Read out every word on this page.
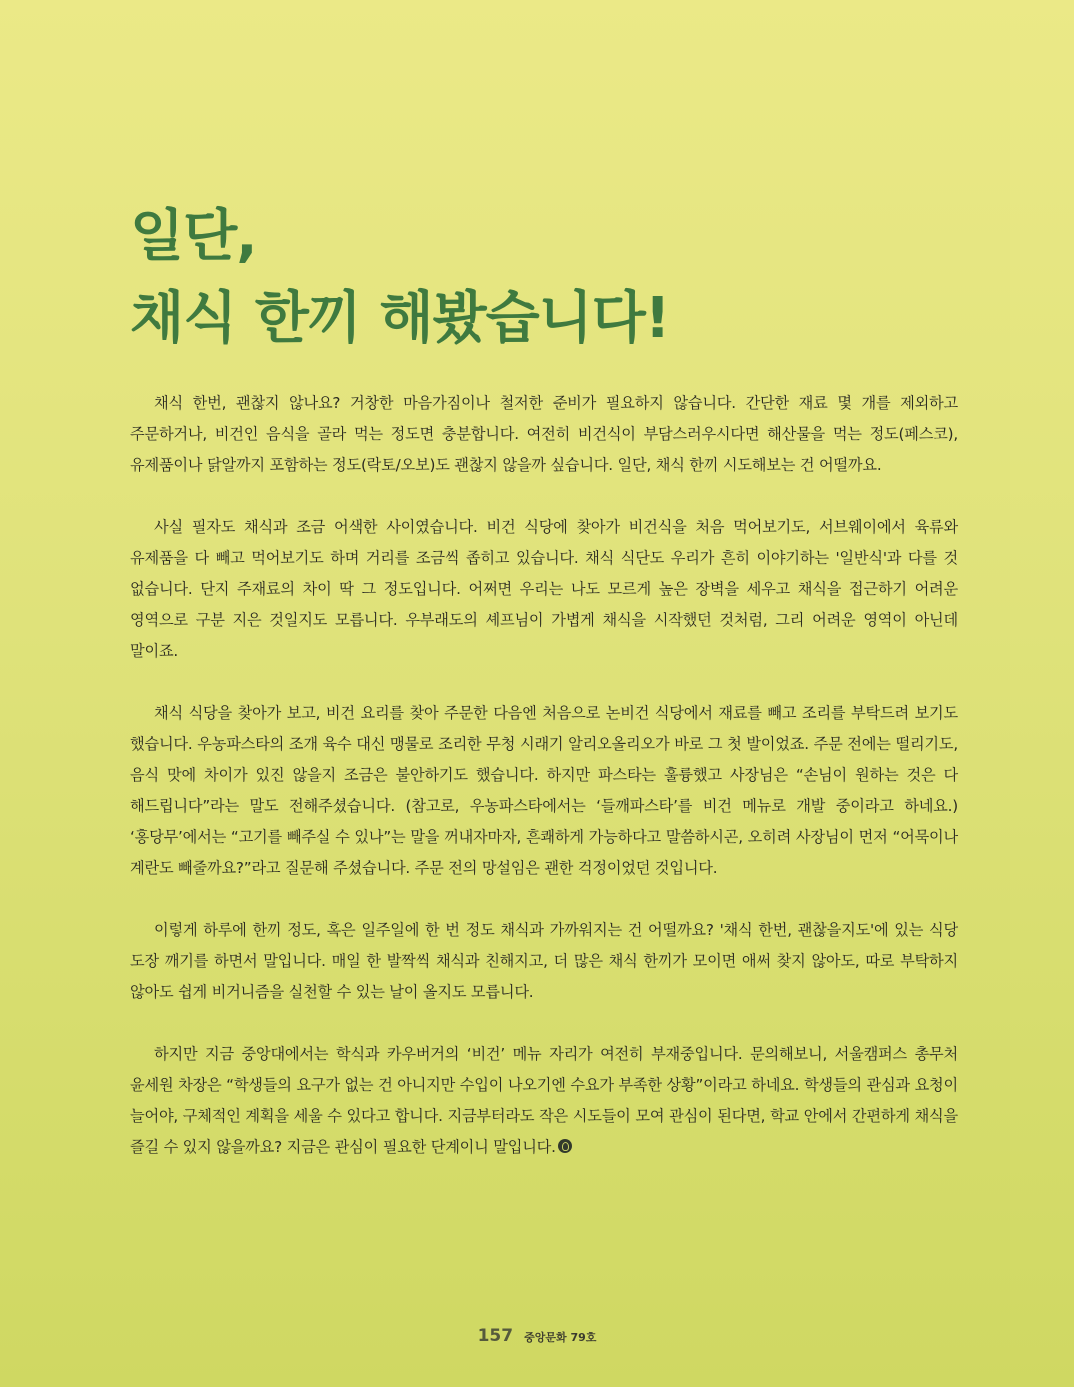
일단,
채식 한끼 해봤습니다!

채식 한번, 괜찮지 않나요? 거창한 마음가짐이나 철저한 준비가 필요하지 않습니다. 간단한 재료 몇 개를 제외하고 주문하거나, 비건인 음식을 골라 먹는 정도면 충분합니다. 여전히 비건식이 부담스러우시다면 해산물을 먹는 정도(페스코), 유제품이나 닭알까지 포함하는 정도(락토/오보)도 괜찮지 않을까 싶습니다. 일단, 채식 한끼 시도해보는 건 어떨까요.

사실 필자도 채식과 조금 어색한 사이였습니다. 비건 식당에 찾아가 비건식을 처음 먹어보기도, 서브웨이에서 육류와 유제품을 다 빼고 먹어보기도 하며 거리를 조금씩 좁히고 있습니다. 채식 식단도 우리가 흔히 이야기하는 '일반식'과 다를 것 없습니다. 단지 주재료의 차이 딱 그 정도입니다. 어쩌면 우리는 나도 모르게 높은 장벽을 세우고 채식을 접근하기 어려운 영역으로 구분 지은 것일지도 모릅니다. 우부래도의 셰프님이 가볍게 채식을 시작했던 것처럼, 그리 어려운 영역이 아닌데 말이죠.

채식 식당을 찾아가 보고, 비건 요리를 찾아 주문한 다음엔 처음으로 논비건 식당에서 재료를 빼고 조리를 부탁드려 보기도 했습니다. 우농파스타의 조개 육수 대신 맹물로 조리한 무청 시래기 알리오올리오가 바로 그 첫 발이었죠. 주문 전에는 떨리기도, 음식 맛에 차이가 있진 않을지 조금은 불안하기도 했습니다. 하지만 파스타는 훌륭했고 사장님은 “손님이 원하는 것은 다 해드립니다”라는 말도 전해주셨습니다. (참고로, 우농파스타에서는 ‘들깨파스타’를 비건 메뉴로 개발 중이라고 하네요.) ‘홍당무’에서는 “고기를 빼주실 수 있나”는 말을 꺼내자마자, 흔쾌하게 가능하다고 말씀하시곤, 오히려 사장님이 먼저 “어묵이나 계란도 빼줄까요?”라고 질문해 주셨습니다. 주문 전의 망설임은 괜한 걱정이었던 것입니다.

이렇게 하루에 한끼 정도, 혹은 일주일에 한 번 정도 채식과 가까워지는 건 어떨까요? '채식 한번, 괜찮을지도'에 있는 식당 도장 깨기를 하면서 말입니다. 매일 한 발짝씩 채식과 친해지고, 더 많은 채식 한끼가 모이면 애써 찾지 않아도, 따로 부탁하지 않아도 쉽게 비거니즘을 실천할 수 있는 날이 올지도 모릅니다.

하지만 지금 중앙대에서는 학식과 카우버거의 ‘비건’ 메뉴 자리가 여전히 부재중입니다. 문의해보니, 서울캠퍼스 총무처 윤세원 차장은 “학생들의 요구가 없는 건 아니지만 수입이 나오기엔 수요가 부족한 상황”이라고 하네요. 학생들의 관심과 요청이 늘어야, 구체적인 계획을 세울 수 있다고 합니다. 지금부터라도 작은 시도들이 모여 관심이 된다면, 학교 안에서 간편하게 채식을 즐길 수 있지 않을까요? 지금은 관심이 필요한 단계이니 말입니다.

157 중앙문화 79호
